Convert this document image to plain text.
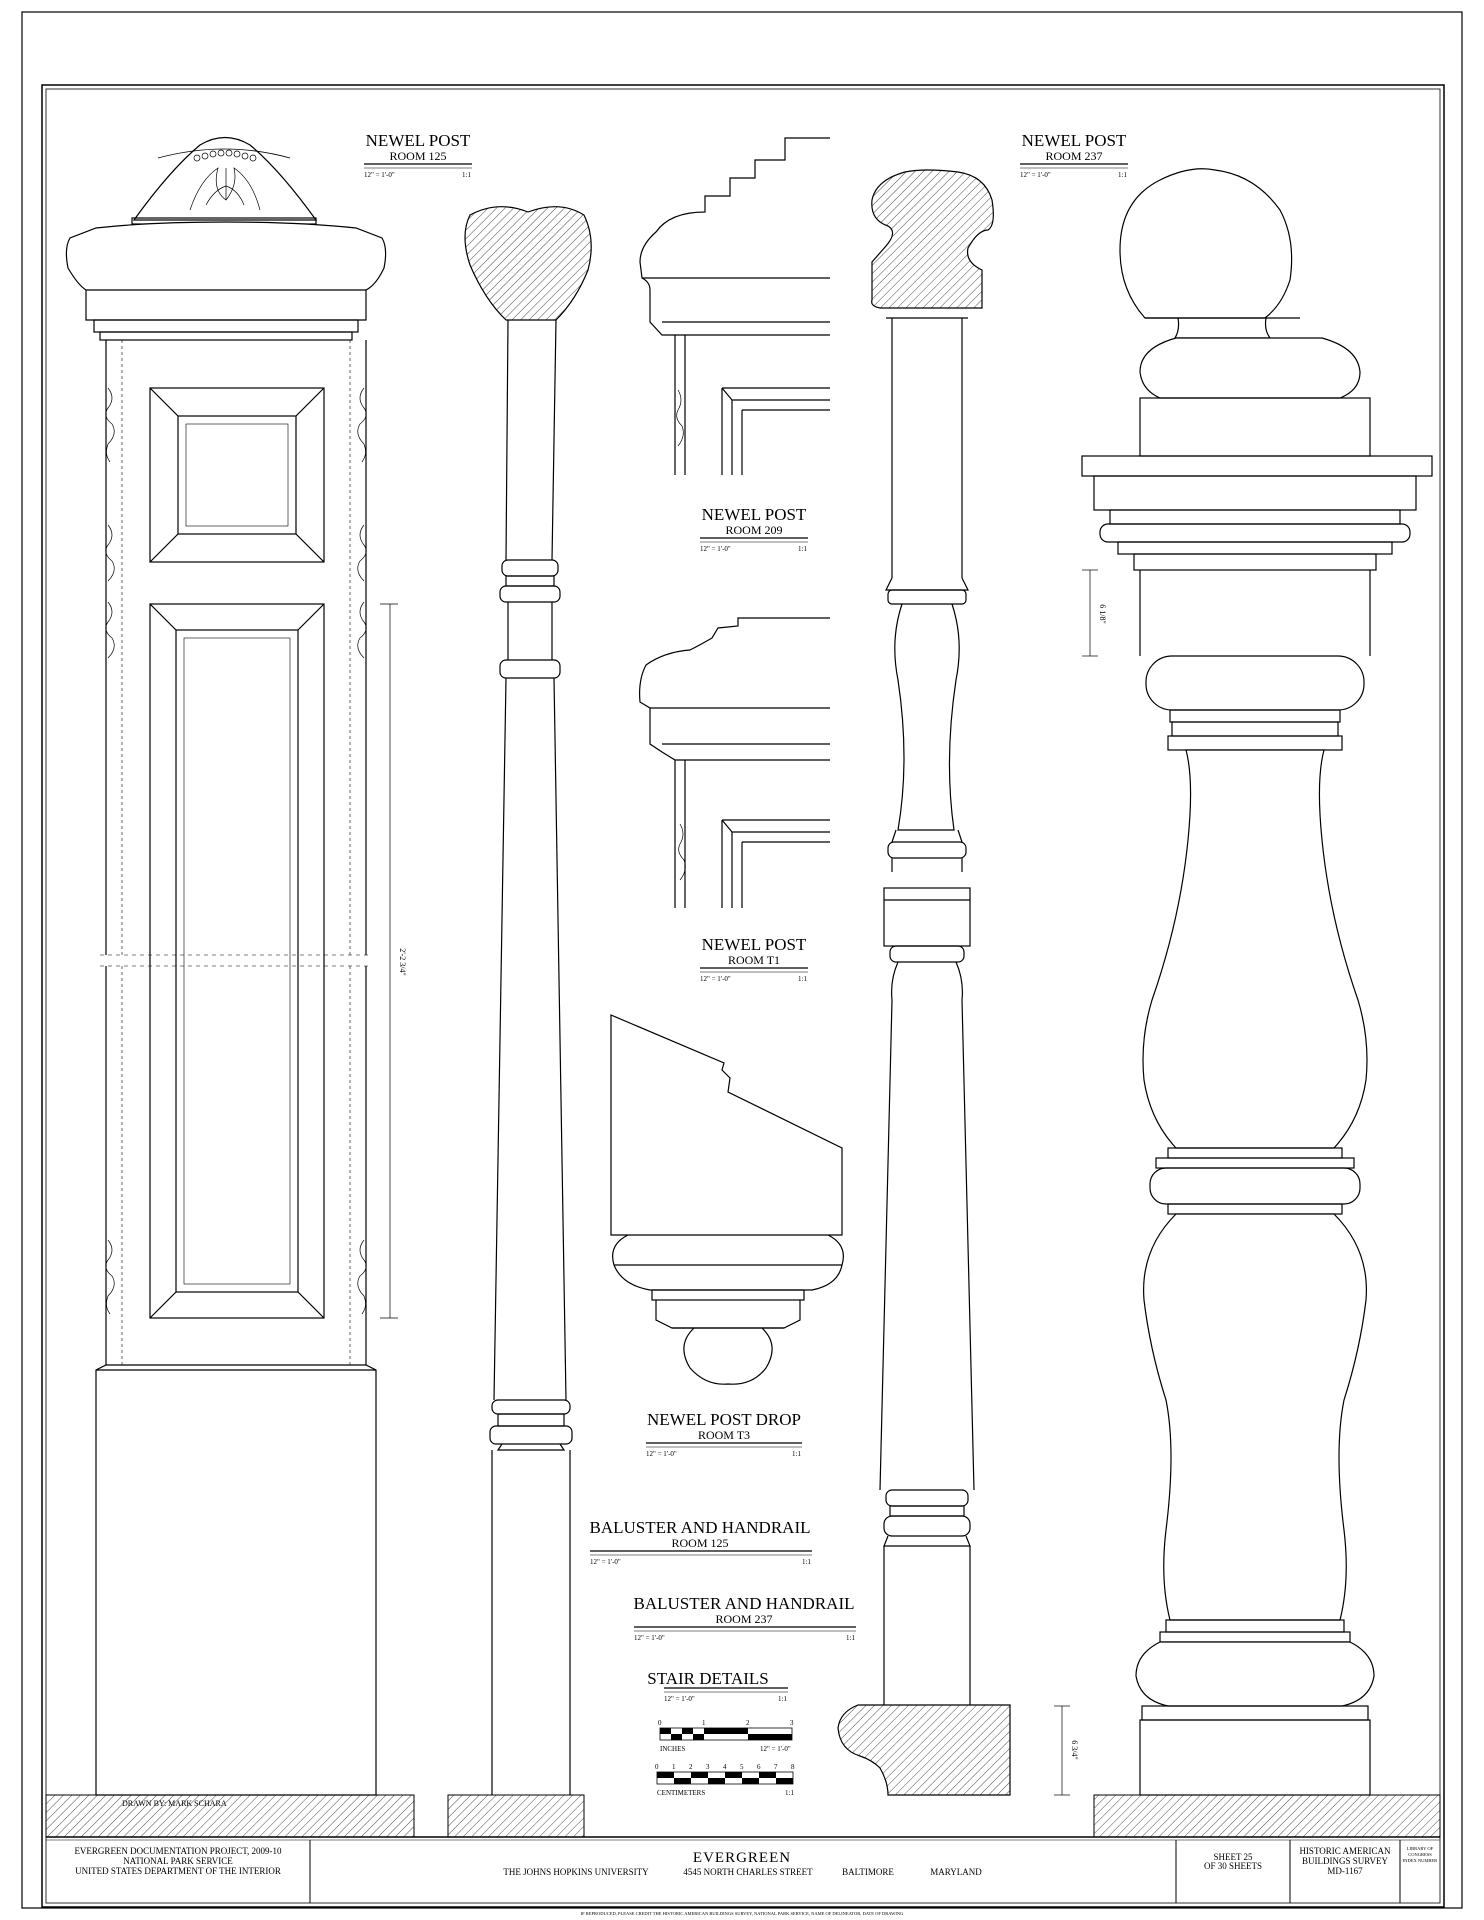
2'-2 3/4"
6 1/8"
6 3/4"
NEWEL POST
ROOM 125
12" = 1'-0"	1:1
NEWEL POST
ROOM 237
12" = 1'-0"	1:1
NEWEL POST
ROOM 209
12" = 1'-0"	1:1
NEWEL POST
ROOM T1
12" = 1'-0"	1:1
NEWEL POST DROP
ROOM T3
12" = 1'-0"	1:1
BALUSTER AND HANDRAIL
ROOM 125
12" = 1'-0"	1:1
BALUSTER AND HANDRAIL
ROOM 237
12" = 1'-0"	1:1
STAIR DETAILS
12" = 1'-0"	1:1
0	1	2	3
INCHES	12" = 1'-0"
0 1 2 3 4 5 6 7 8
CENTIMETERS	1:1
DRAWN BY: MARK SCHARA
EVERGREEN DOCUMENTATION PROJECT, 2009-10
NATIONAL PARK SERVICE
UNITED STATES DEPARTMENT OF THE INTERIOR
EVERGREEN
THE JOHNS HOPKINS UNIVERSITY	4545 NORTH CHARLES STREET	BALTIMORE	MARYLAND
SHEET 25
OF 30 SHEETS
HISTORIC AMERICAN
BUILDINGS SURVEY
MD-1167
LIBRARY OF
CONGRESS
INDEX NUMBER
IF REPRODUCED, PLEASE CREDIT THE HISTORIC AMERICAN BUILDINGS SURVEY, NATIONAL PARK SERVICE, NAME OF DELINEATOR, DATE OF DRAWING
